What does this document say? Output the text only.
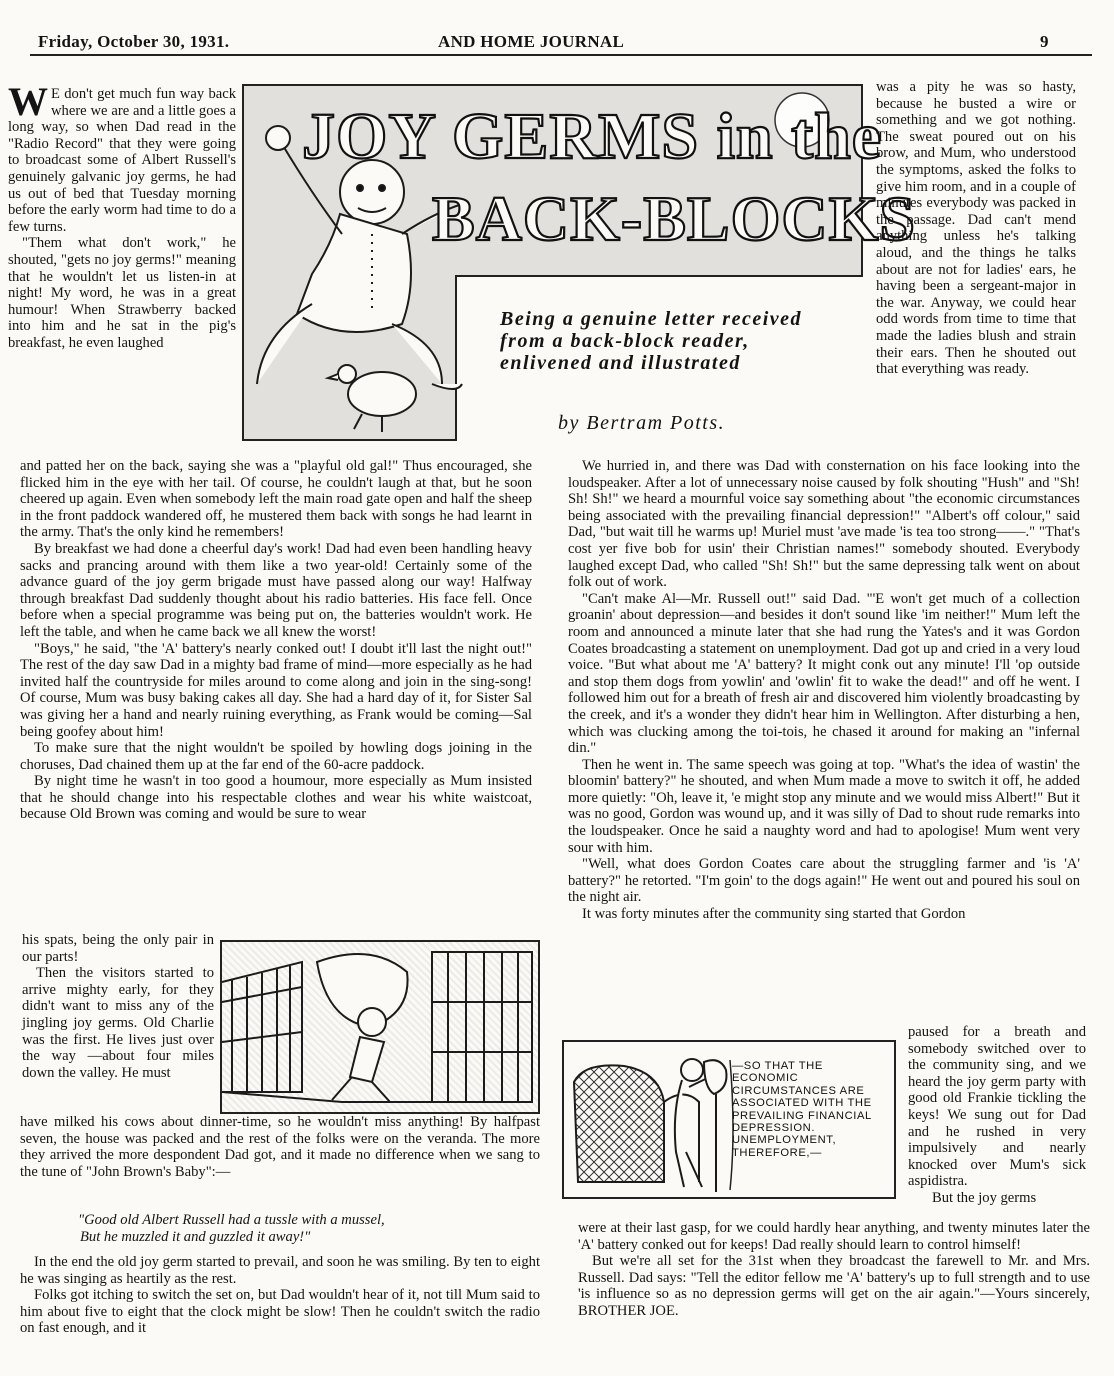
Friday, October 30, 1931.	AND HOME JOURNAL	9
JOY GERMS in the
BACK-BLOCKS
Being a genuine letter received from a back-block reader, enlivened and illustrated
by Bertram Potts.
W E don't get much fun way back where we are and a little goes a long way, so when Dad read in the "Radio Record" that they were going to broadcast some of Albert Russell's genuinely galvanic joy germs, he had us out of bed that Tuesday morning before the early worm had time to do a few turns.

"Them what don't work," he shouted, "gets no joy germs!" meaning that he wouldn't let us listen-in at night! My word, he was in a great humour! When Strawberry backed into him and he sat in the pig's breakfast, he even laughed

and patted her on the back, saying she was a "playful old gal!" Thus encouraged, she flicked him in the eye with her tail. Of course, he couldn't laugh at that, but he soon cheered up again. Even when somebody left the main road gate open and half the sheep in the front paddock wandered off, he mustered them back with songs he had learnt in the army. That's the only kind he remembers!

By breakfast we had done a cheerful day's work! Dad had even been handling heavy sacks and prancing around with them like a two year-old! Certainly some of the advance guard of the joy germ brigade must have passed along our way! Halfway through breakfast Dad suddenly thought about his radio batteries. His face fell. Once before when a special programme was being put on, the batteries wouldn't work. He left the table, and when he came back we all knew the worst!

"Boys," he said, "the 'A' battery's nearly conked out! I doubt it'll last the night out!" The rest of the day saw Dad in a mighty bad frame of mind—more especially as he had invited half the countryside for miles around to come along and join in the sing-song! Of course, Mum was busy baking cakes all day. She had a hard day of it, for Sister Sal was giving her a hand and nearly ruining everything, as Frank would be coming—Sal being goofey about him!

To make sure that the night wouldn't be spoiled by howling dogs joining in the choruses, Dad chained them up at the far end of the 60-acre paddock.

By night time he wasn't in too good a houmour, more especially as Mum insisted that he should change into his respectable clothes and wear his white waistcoat, because Old Brown was coming and would be sure to wear

his spats, being the only pair in our parts!

Then the visitors started to arrive mighty early, for they didn't want to miss any of the jingling joy germs. Old Charlie was the first. He lives just over the way —about four miles down the valley. He must

have milked his cows about dinner-time, so he wouldn't miss anything! By halfpast seven, the house was packed and the rest of the folks were on the veranda. The more they arrived the more despondent Dad got, and it made no difference when we sang to the tune of "John Brown's Baby":—

"Good old Albert Russell had a tussle with a mussel,
But he muzzled it and guzzled it away!"

In the end the old joy germ started to prevail, and soon he was smiling. By ten to eight he was singing as heartily as the rest.

Folks got itching to switch the set on, but Dad wouldn't hear of it, not till Mum said to him about five to eight that the clock might be slow! Then he couldn't switch the radio on fast enough, and it

was a pity he was so hasty, because he busted a wire or something and we got nothing. The sweat poured out on his brow, and Mum, who understood the symptoms, asked the folks to give him room, and in a couple of minutes everybody was packed in the passage. Dad can't mend anything unless he's talking aloud, and the things he talks about are not for ladies' ears, he having been a sergeant-major in the war. Anyway, we could hear odd words from time to time that made the ladies blush and strain their ears. Then he shouted out that everything was ready.

We hurried in, and there was Dad with consternation on his face looking into the loudspeaker. After a lot of unnecessary noise caused by folk shouting "Hush" and "Sh! Sh! Sh!" we heard a mournful voice say something about "the economic circumstances being associated with the prevailing financial depression!" "Albert's off colour," said Dad, "but wait till he warms up! Muriel must 'ave made 'is tea too strong——." "That's cost yer five bob for usin' their Christian names!" somebody shouted. Everybody laughed except Dad, who called "Sh! Sh!" but the same depressing talk went on about folk out of work.

"Can't make Al—Mr. Russell out!" said Dad. "'E won't get much of a collection groanin' about depression—and besides it don't sound like 'im neither!" Mum left the room and announced a minute later that she had rung the Yates's and it was Gordon Coates broadcasting a statement on unemployment. Dad got up and cried in a very loud voice. "But what about me 'A' battery? It might conk out any minute! I'll 'op outside and stop them dogs from yowlin' and 'owlin' fit to wake the dead!" and off he went. I followed him out for a breath of fresh air and discovered him violently broadcasting by the creek, and it's a wonder they didn't hear him in Wellington. After disturbing a hen, which was clucking among the toi-tois, he chased it around for making an "infernal din."

Then he went in. The same speech was going at top. "What's the idea of wastin' the bloomin' battery?" he shouted, and when Mum made a move to switch it off, he added more quietly: "Oh, leave it, 'e might stop any minute and we would miss Albert!" But it was no good, Gordon was wound up, and it was silly of Dad to shout rude remarks into the loudspeaker. Once he said a naughty word and had to apologise! Mum went very sour with him.

"Well, what does Gordon Coates care about the struggling farmer and 'is 'A' battery?" he retorted. "I'm goin' to the dogs again!" He went out and poured his soul on the night air.

It was forty minutes after the community sing started that Gordon

—SO THAT THE ECONOMIC CIRCUMSTANCES ARE ASSOCIATED WITH THE PREVAILING FINANCIAL DEPRESSION. UNEMPLOYMENT, THEREFORE,—

paused for a breath and somebody switched over to the community sing, and we heard the joy germ party with good old Frankie tickling the keys! We sung out for Dad and he rushed in very impulsively and nearly knocked over Mum's sick aspidistra.

But the joy germs

were at their last gasp, for we could hardly hear anything, and twenty minutes later the 'A' battery conked out for keeps! Dad really should learn to control himself!

But we're all set for the 31st when they broadcast the farewell to Mr. and Mrs. Russell. Dad says: "Tell the editor fellow me 'A' battery's up to full strength and to use 'is influence so as no depression germs will get on the air again."—Yours sincerely, BROTHER JOE.
